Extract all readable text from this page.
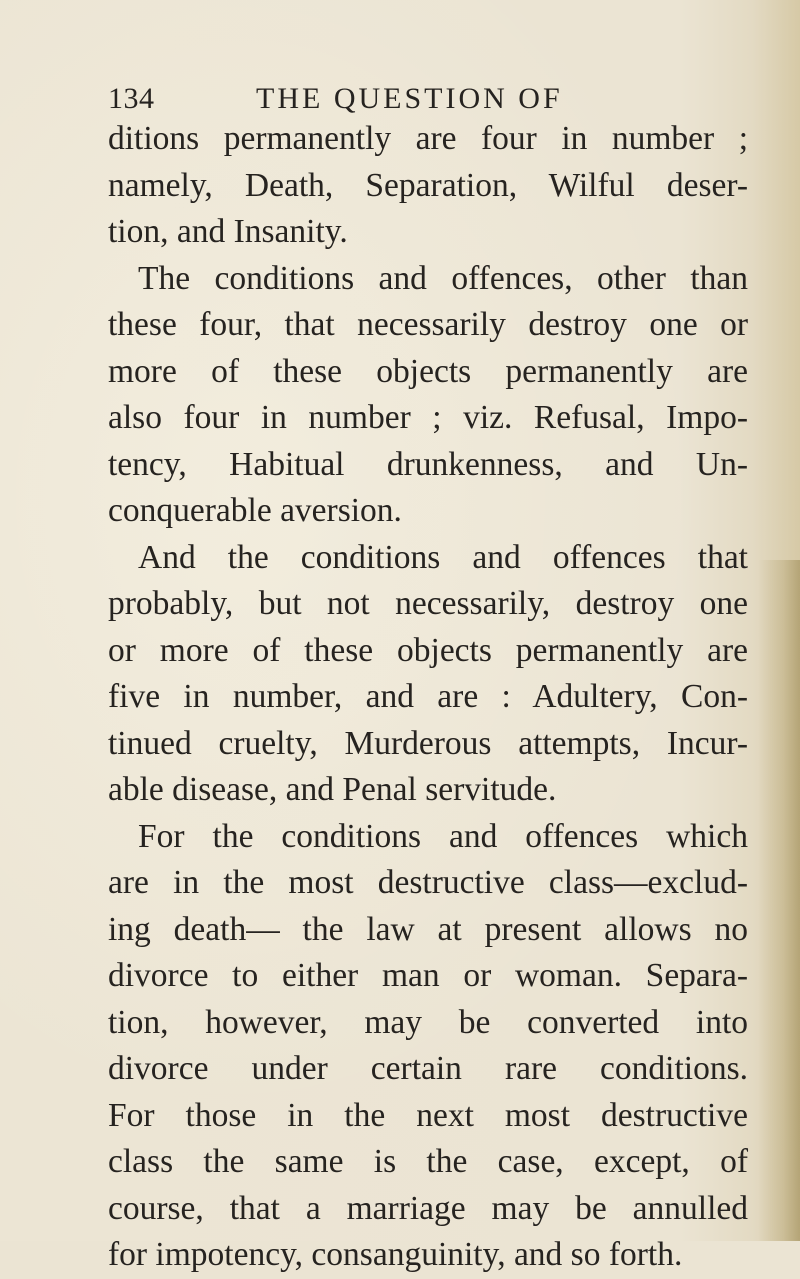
134	THE QUESTION OF
ditions permanently are four in number ;
namely, Death, Separation, Wilful deser-
tion, and Insanity.
The conditions and offences, other than
these four, that necessarily destroy one or
more of these objects permanently are
also four in number ; viz. Refusal, Impo-
tency, Habitual drunkenness, and Un-
conquerable aversion.
And the conditions and offences that
probably, but not necessarily, destroy one
or more of these objects permanently are
five in number, and are : Adultery, Con-
tinued cruelty, Murderous attempts, Incur-
able disease, and Penal servitude.
For the conditions and offences which
are in the most destructive class—exclud-
ing death— the law at present allows no
divorce to either man or woman. Separa-
tion, however, may be converted into
divorce under certain rare conditions.
For those in the next most destructive
class the same is the case, except, of
course, that a marriage may be annulled
for impotency, consanguinity, and so forth.
